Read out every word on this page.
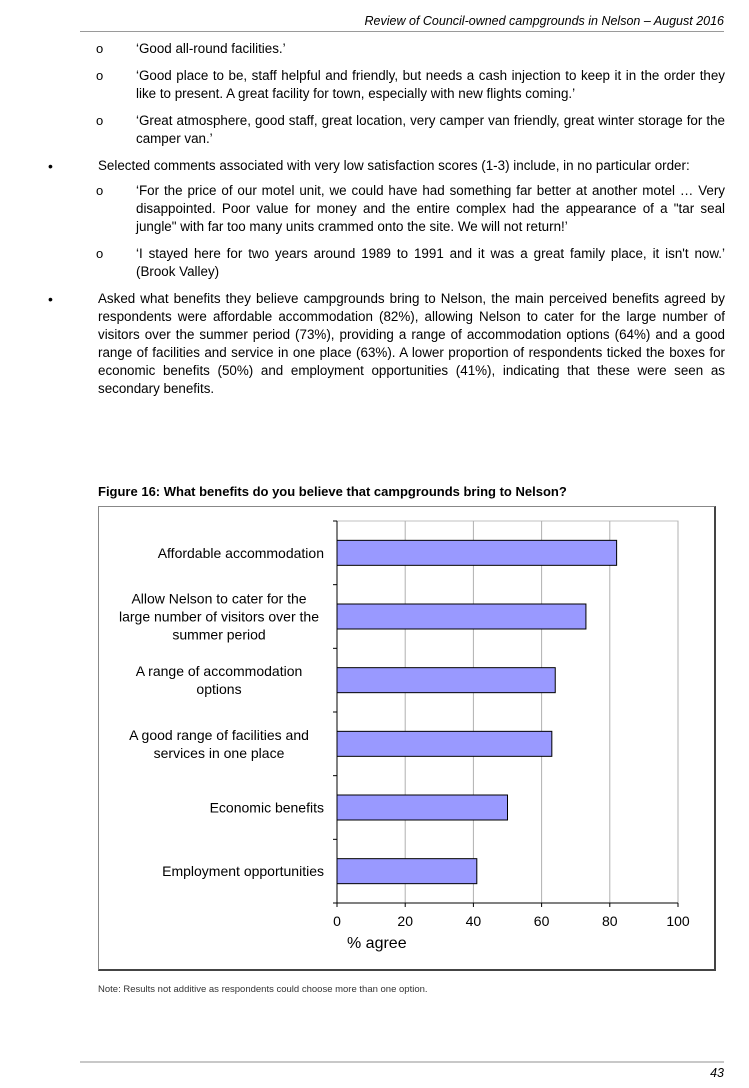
Review of Council-owned campgrounds in Nelson – August 2016
o ‘Good all-round facilities.’
o ‘Good place to be, staff helpful and friendly, but needs a cash injection to keep it in the order they like to present. A great facility for town, especially with new flights coming.’
o ‘Great atmosphere, good staff, great location, very camper van friendly, great winter storage for the camper van.’
•	Selected comments associated with very low satisfaction scores (1-3) include, in no particular order:
o ‘For the price of our motel unit, we could have had something far better at another motel … Very disappointed. Poor value for money and the entire complex had the appearance of a "tar seal jungle" with far too many units crammed onto the site. We will not return!’
o ‘I stayed here for two years around 1989 to 1991 and it was a great family place, it isn't now.’ (Brook Valley)
•	Asked what benefits they believe campgrounds bring to Nelson, the main perceived benefits agreed by respondents were affordable accommodation (82%), allowing Nelson to cater for the large number of visitors over the summer period (73%), providing a range of accommodation options (64%) and a good range of facilities and service in one place (63%). A lower proportion of respondents ticked the boxes for economic benefits (50%) and employment opportunities (41%), indicating that these were seen as secondary benefits.
Figure 16: What benefits do you believe that campgrounds bring to Nelson?
0	20	40	60	80	100
% agree
Affordable accommodation
Allow Nelson to cater for the
large number of visitors over the
summer period
A range of accommodation
options
A good range of facilities and
services in one place
Economic benefits
Employment opportunities
Note: Results not additive as respondents could choose more than one option.
43
